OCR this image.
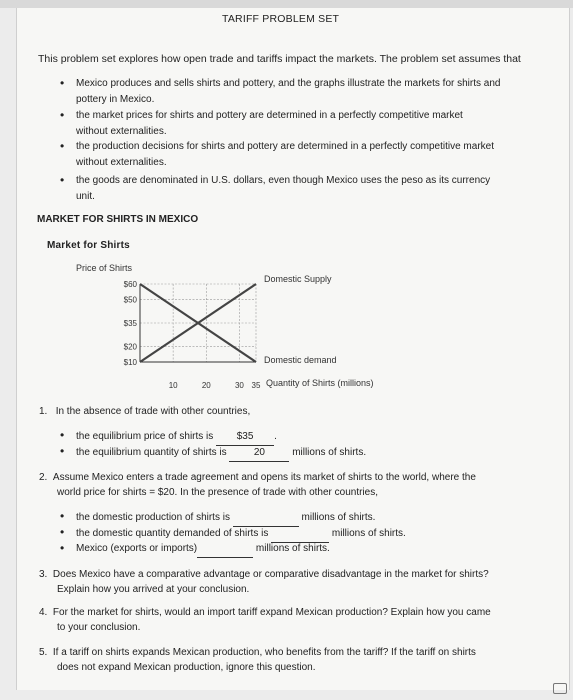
TARIFF PROBLEM SET
This problem set explores how open trade and tariffs impact the markets. The problem set assumes that
• Mexico produces and sells shirts and pottery, and the graphs illustrate the markets for shirts and
pottery in Mexico.
• the market prices for shirts and pottery are determined in a perfectly competitive market
without externalities.
• the production decisions for shirts and pottery are determined in a perfectly competitive market
without externalities.
• the goods are denominated in U.S. dollars, even though Mexico uses the peso as its currency
unit.
MARKET FOR SHIRTS IN MEXICO
Market for Shirts
Price of Shirts
$60
$50
$35
$20
$10
10	20	30 35
Domestic Supply
Domestic demand
Quantity of Shirts (millions)
1. In the absence of trade with other countries,
• the equilibrium price of shirts is $35 .
• the equilibrium quantity of shirts is	20	millions of shirts.
2. Assume Mexico enters a trade agreement and opens its market of shirts to the world, where the
world price for shirts = $20. In the presence of trade with other countries,
• the domestic production of shirts is	millions of shirts.
• the domestic quantity demanded of shirts is	millions of shirts.
• Mexico (exports or imports)	millions of shirts.
3. Does Mexico have a comparative advantage or comparative disadvantage in the market for shirts?
Explain how you arrived at your conclusion.
4. For the market for shirts, would an import tariff expand Mexican production? Explain how you came
to your conclusion.
5. If a tariff on shirts expands Mexican production, who benefits from the tariff? If the tariff on shirts
does not expand Mexican production, ignore this question.
